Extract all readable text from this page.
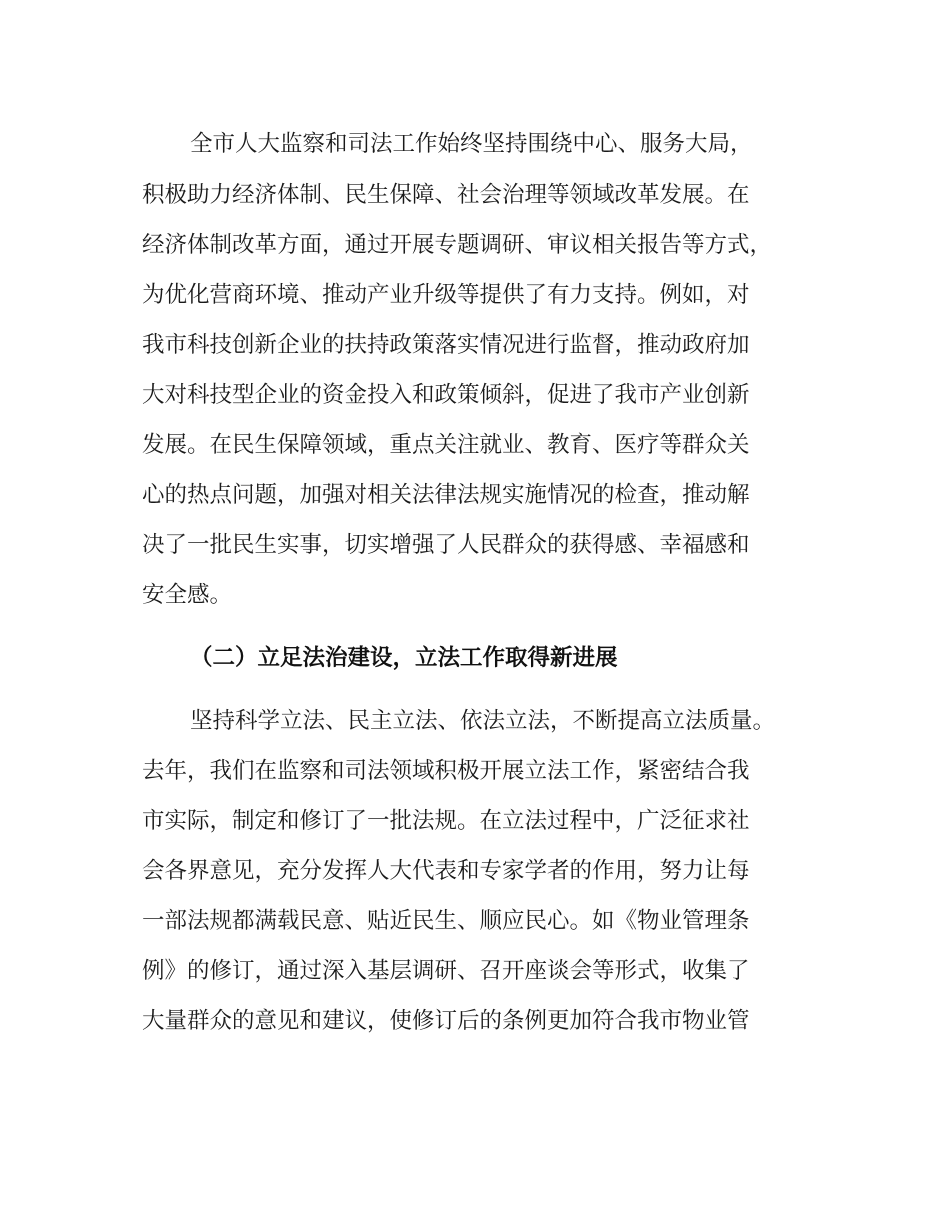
全市人大监察和司法工作始终坚持围绕中心、服务大局，

积极助力经济体制、民生保障、社会治理等领域改革发展。在

经济体制改革方面，通过开展专题调研、审议相关报告等方式，

为优化营商环境、推动产业升级等提供了有力支持。例如，对

我市科技创新企业的扶持政策落实情况进行监督，推动政府加

大对科技型企业的资金投入和政策倾斜，促进了我市产业创新

发展。在民生保障领域，重点关注就业、教育、医疗等群众关

心的热点问题，加强对相关法律法规实施情况的检查，推动解

决了一批民生实事，切实增强了人民群众的获得感、幸福感和

安全感。

（二）立足法治建设，立法工作取得新进展

坚持科学立法、民主立法、依法立法，不断提高立法质量。

去年，我们在监察和司法领域积极开展立法工作，紧密结合我

市实际，制定和修订了一批法规。在立法过程中，广泛征求社

会各界意见，充分发挥人大代表和专家学者的作用，努力让每

一部法规都满载民意、贴近民生、顺应民心。如《物业管理条

例》的修订，通过深入基层调研、召开座谈会等形式，收集了

大量群众的意见和建议，使修订后的条例更加符合我市物业管
